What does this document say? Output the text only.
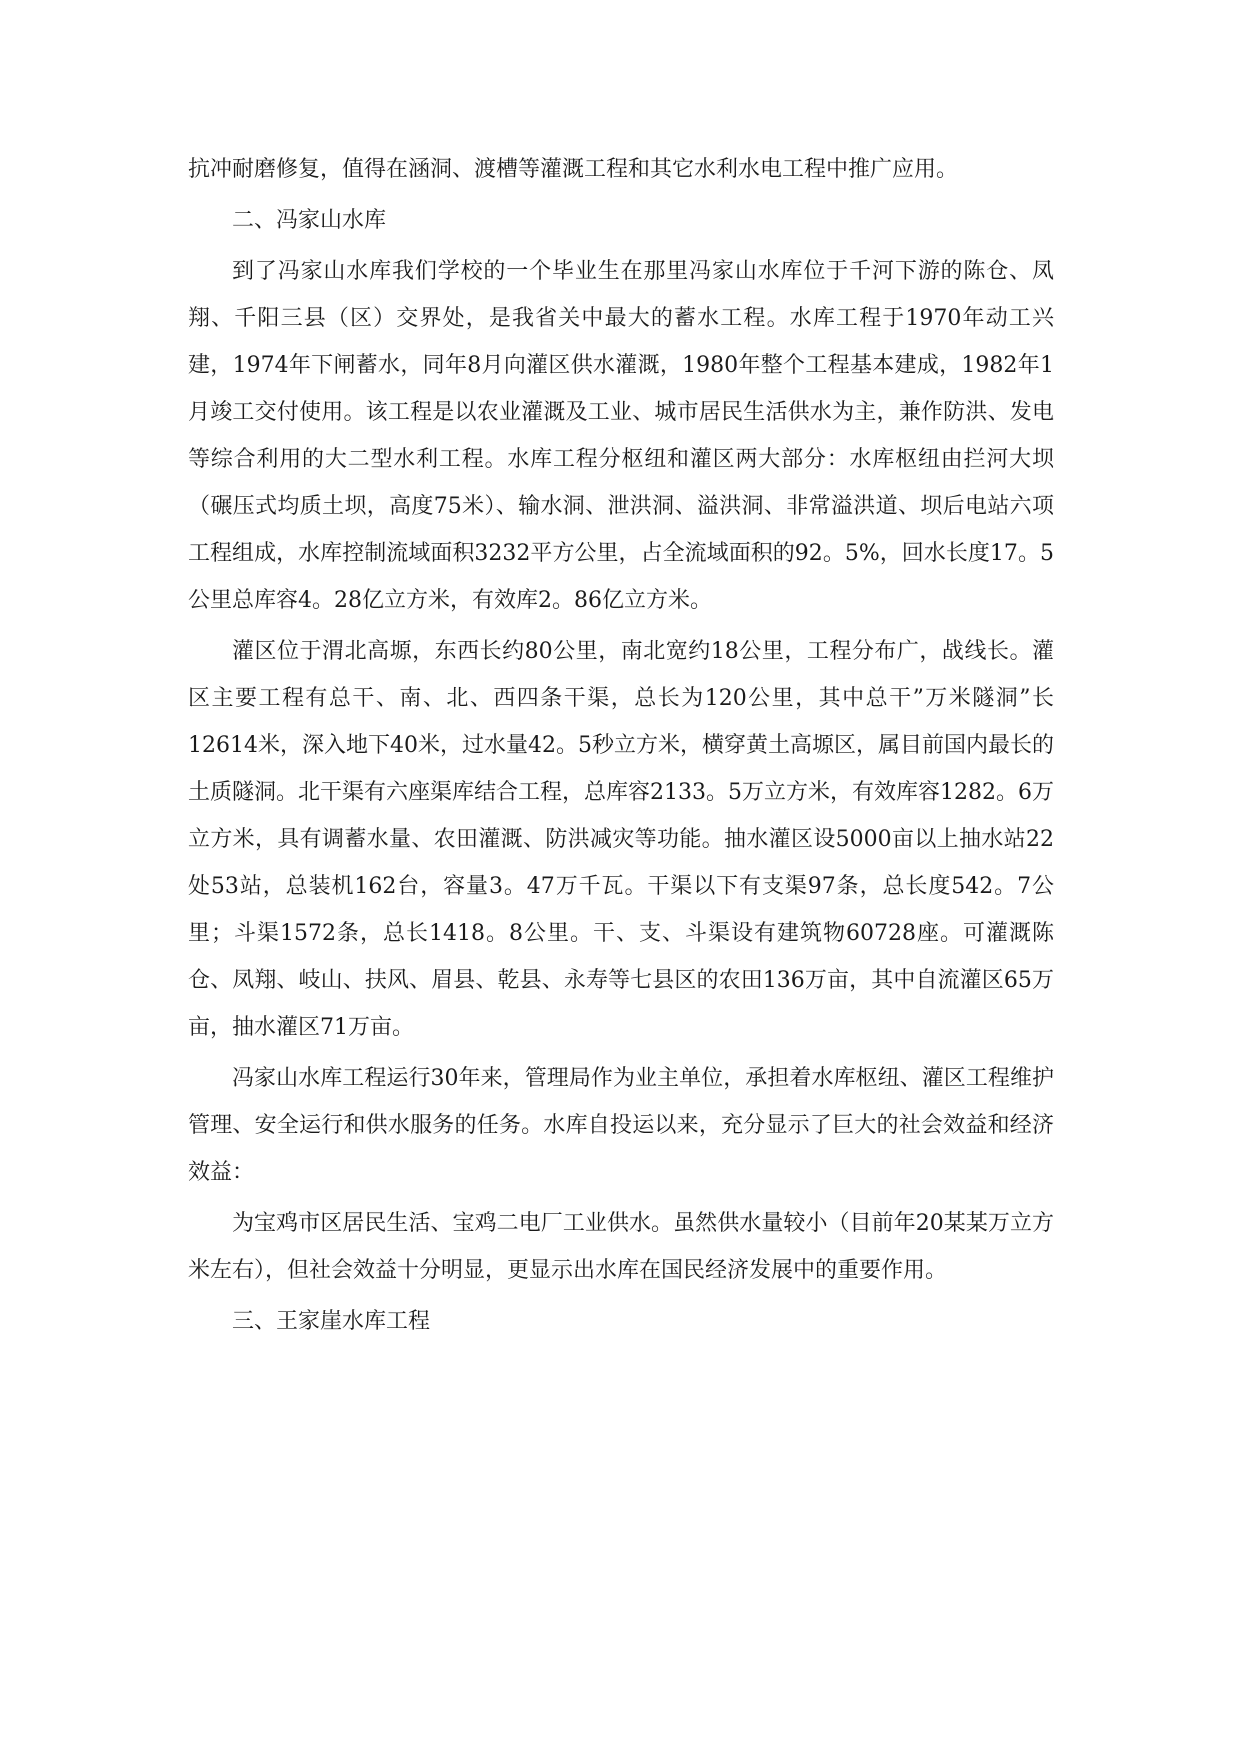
抗冲耐磨修复，值得在涵洞、渡槽等灌溉工程和其它水利水电工程中推广应用。

二、冯家山水库

到了冯家山水库我们学校的一个毕业生在那里冯家山水库位于千河下游的陈仓、凤翔、千阳三县（区）交界处，是我省关中最大的蓄水工程。水库工程于1970年动工兴建，1974年下闸蓄水，同年8月向灌区供水灌溉，1980年整个工程基本建成，1982年1月竣工交付使用。该工程是以农业灌溉及工业、城市居民生活供水为主，兼作防洪、发电等综合利用的大二型水利工程。水库工程分枢纽和灌区两大部分：水库枢纽由拦河大坝（碾压式均质土坝，高度75米）、输水洞、泄洪洞、溢洪洞、非常溢洪道、坝后电站六项工程组成，水库控制流域面积3232平方公里，占全流域面积的92。5%，回水长度17。5公里总库容4。28亿立方米，有效库2。86亿立方米。

灌区位于渭北高塬，东西长约80公里，南北宽约18公里，工程分布广，战线长。灌区主要工程有总干、南、北、西四条干渠，总长为120公里，其中总干”万米隧洞”长12614米，深入地下40米，过水量42。5秒立方米，横穿黄土高塬区，属目前国内最长的土质隧洞。北干渠有六座渠库结合工程，总库容2133。5万立方米，有效库容1282。6万立方米，具有调蓄水量、农田灌溉、防洪减灾等功能。抽水灌区设5000亩以上抽水站22处53站，总装机162台，容量3。47万千瓦。干渠以下有支渠97条，总长度542。7公里；斗渠1572条，总长1418。8公里。干、支、斗渠设有建筑物60728座。可灌溉陈仓、凤翔、岐山、扶风、眉县、乾县、永寿等七县区的农田136万亩，其中自流灌区65万亩，抽水灌区71万亩。

冯家山水库工程运行30年来，管理局作为业主单位，承担着水库枢纽、灌区工程维护管理、安全运行和供水服务的任务。水库自投运以来，充分显示了巨大的社会效益和经济效益：

为宝鸡市区居民生活、宝鸡二电厂工业供水。虽然供水量较小（目前年20某某万立方米左右），但社会效益十分明显，更显示出水库在国民经济发展中的重要作用。

三、王家崖水库工程
